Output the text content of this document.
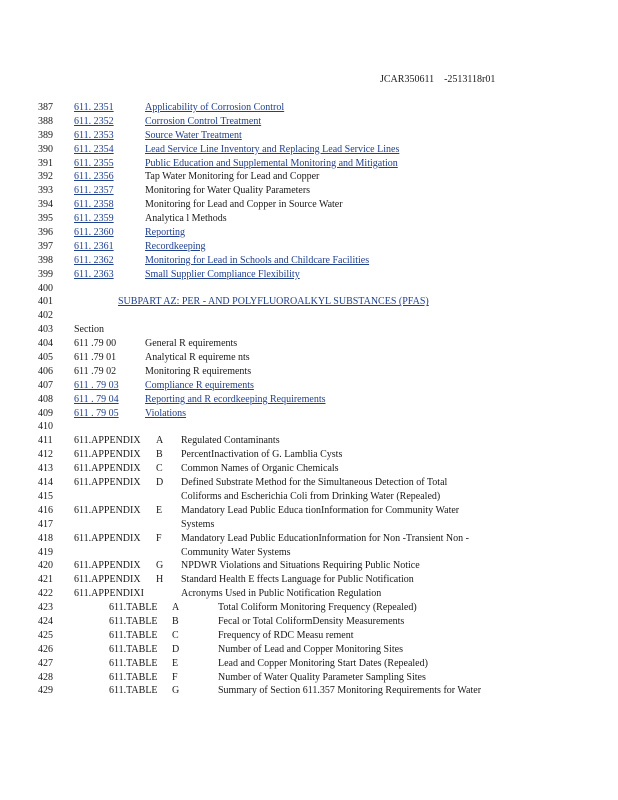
JCAR350611    -2513118r01
387	611. 2351	Applicability of Corrosion Control
388	611. 2352	Corrosion Control Treatment
389	611. 2353	Source Water Treatment
390	611. 2354	Lead Service Line Inventory and Replacing Lead Service Lines
391	611. 2355	Public Education and Supplemental Monitoring and Mitigation
392	611. 2356	Tap Water Monitoring for Lead and Copper
393	611. 2357	Monitoring for Water Quality Parameters
394	611. 2358	Monitoring for Lead and Copper in Source Water
395	611. 2359	Analytica l Methods
396	611. 2360	Reporting
397	611. 2361	Recordkeeping
398	611. 2362	Monitoring for Lead in Schools and Childcare Facilities
399	611. 2363	Small Supplier Compliance Flexibility
400
401	SUBPART AZ: PER - AND POLYFLUOROALKYL SUBSTANCES (PFAS)
402
403	Section
404	611 .79 00	General R equirements
405	611 .79 01	Analytical R equireme nts
406	611 .79 02	Monitoring R equirements
407	611 . 79 03	Compliance R equirements
408	611 . 79 04	Reporting and R ecordkeeping Requirements
409	611 . 79 05	Violations
410
411	611.APPENDIX A Regulated Contaminants
412	611.APPENDIX B PercentInactivation of G. Lamblia Cysts
413	611.APPENDIX C Common Names of Organic Chemicals
414	611.APPENDIX D Defined Substrate Method for the Simultaneous Detection of Total
415	Coliforms and Escherichia Coli from Drinking Water (Repealed)
416	611.APPENDIX E Mandatory Lead Public Educa tionInformation for Community Water
417	Systems
418	611.APPENDIX F Mandatory Lead Public EducationInformation for Non -Transient Non -
419	Community Water Systems
420	611.APPENDIX G NPDWR Violations and Situations Requiring Public Notice
421	611.APPENDIX H Standard Health E ffects Language for Public Notification
422	611.APPENDIXI	Acronyms Used in Public Notification Regulation
423	611.TABLE A	Total Coliform Monitoring Frequency (Repealed)
424	611.TABLE B	Fecal or Total ColiformDensity Measurements
425	611.TABLE C	Frequency of RDC Measu rement
426	611.TABLE D	Number of Lead and Copper Monitoring Sites
427	611.TABLE E	Lead and Copper Monitoring Start Dates (Repealed)
428	611.TABLE F	Number of Water Quality Parameter Sampling Sites
429	611.TABLE G	Summary of Section 611.357 Monitoring Requirements for Water
